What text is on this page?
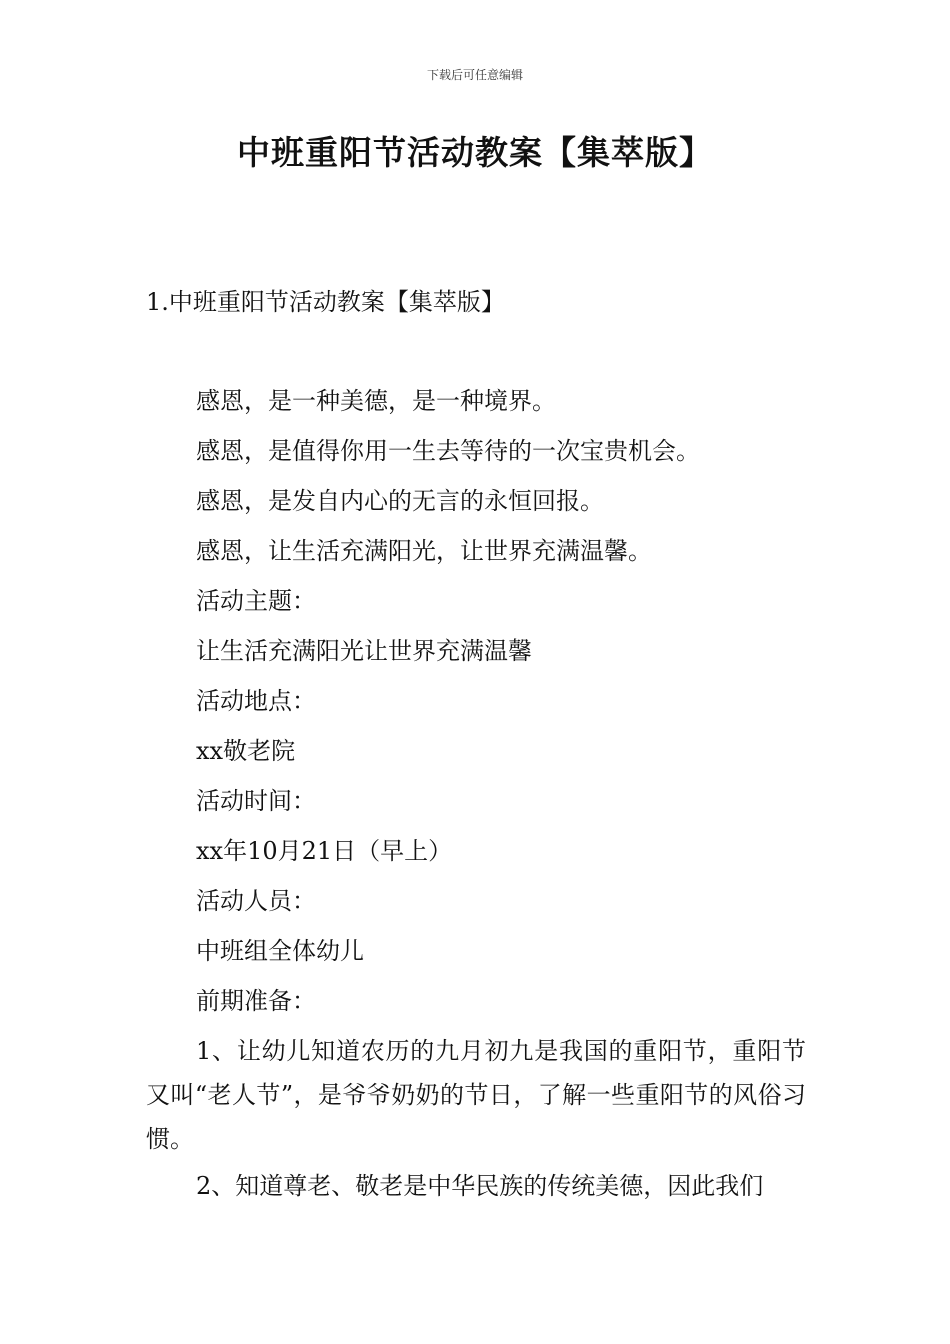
下载后可任意编辑
中班重阳节活动教案【集萃版】
1.中班重阳节活动教案【集萃版】

感恩，是一种美德，是一种境界。

感恩，是值得你用一生去等待的一次宝贵机会。

感恩，是发自内心的无言的永恒回报。

感恩，让生活充满阳光，让世界充满温馨。

活动主题：

让生活充满阳光让世界充满温馨

活动地点：

xx敬老院

活动时间：

xx年10月21日（早上）

活动人员：

中班组全体幼儿

前期准备：

1、让幼儿知道农历的九月初九是我国的重阳节，重阳节又叫“老人节”，是爷爷奶奶的节日，了解一些重阳节的风俗习惯。

2、知道尊老、敬老是中华民族的传统美德，因此我们
